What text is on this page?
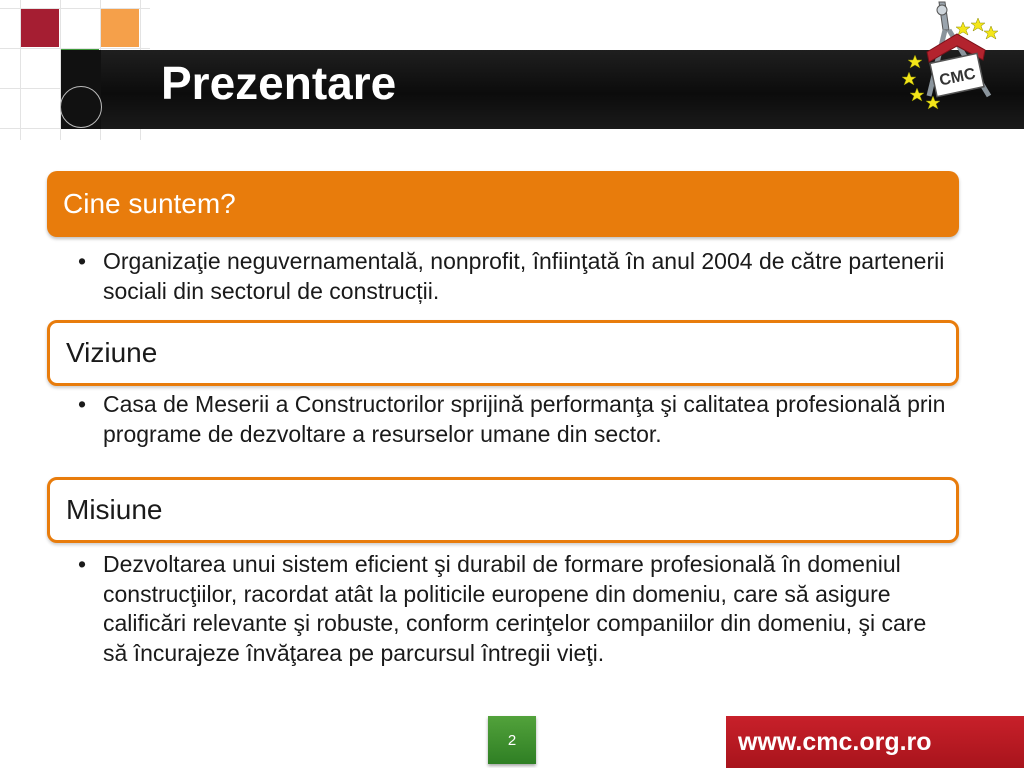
Prezentare	CMC
Cine suntem?
• Organizaţie neguvernamentală, nonprofit, înfiinţată în anul 2004 de către partenerii sociali din sectorul de construcții.
Viziune
• Casa de Meserii a Constructorilor sprijină performanţa şi calitatea profesională prin programe de dezvoltare a resurselor umane din sector.
Misiune
• Dezvoltarea unui sistem eficient şi durabil de formare profesională în domeniul construcţiilor, racordat atât la politicile europene din domeniu, care să asigure calificări relevante şi robuste, conform cerinţelor companiilor din domeniu, şi care să încurajeze învăţarea pe parcursul întregii vieţi.
2	www.cmc.org.ro
